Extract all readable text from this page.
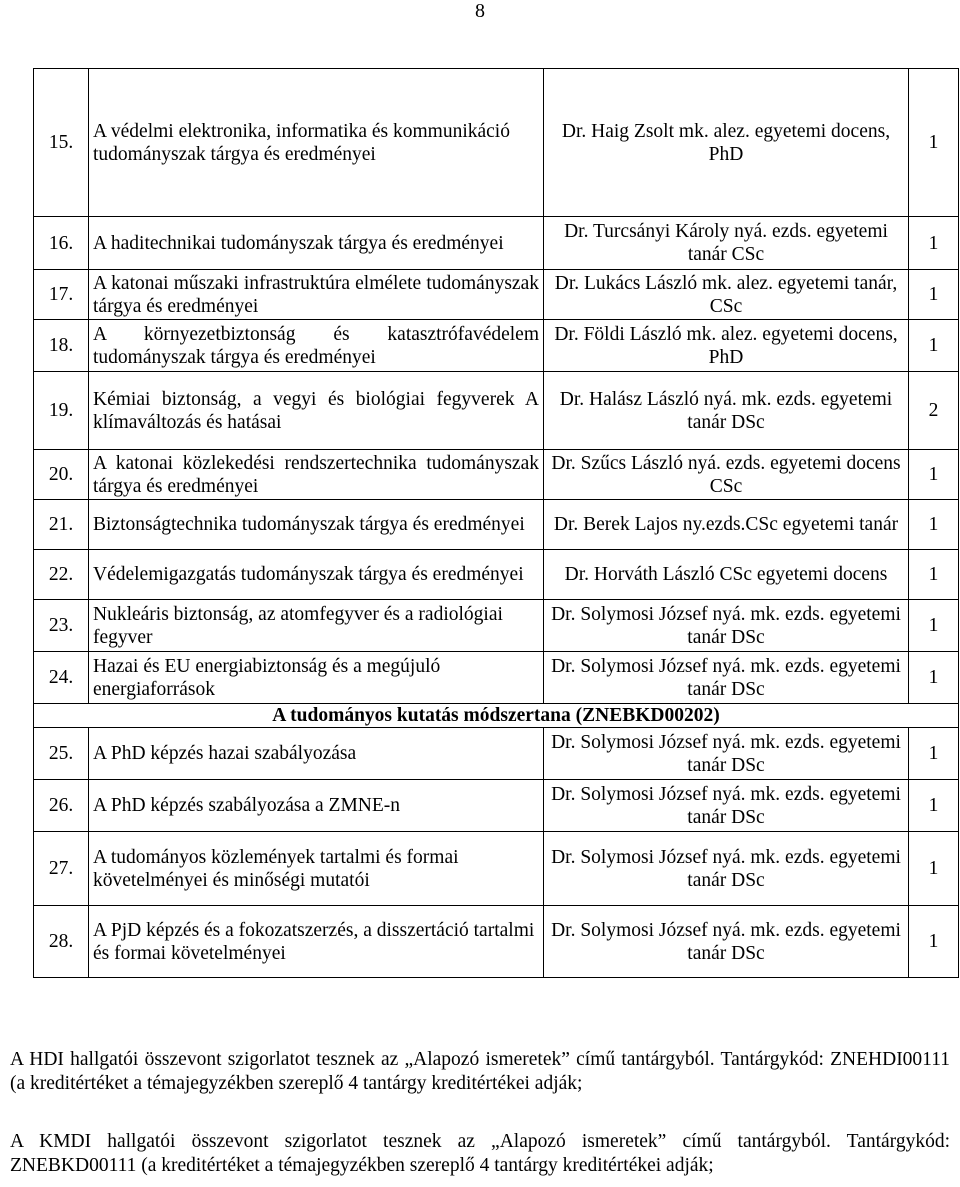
8
15.	A védelmi elektronika, informatika és kommunikáció tudományszak tárgya és eredményei	Dr. Haig Zsolt mk. alez. egyetemi docens, PhD	1
16.	A haditechnikai tudományszak tárgya és eredményei	Dr. Turcsányi Károly nyá. ezds. egyetemi tanár CSc	1
17.	A katonai műszaki infrastruktúra elmélete tudományszak tárgya és eredményei	Dr. Lukács László mk. alez. egyetemi tanár, CSc	1
18.	A környezetbiztonság és katasztrófavédelem tudományszak tárgya és eredményei	Dr. Földi László mk. alez. egyetemi docens, PhD	1
19.	Kémiai biztonság, a vegyi és biológiai fegyverek A klímaváltozás és hatásai	Dr. Halász László nyá. mk. ezds. egyetemi tanár DSc	2
20.	A katonai közlekedési rendszertechnika tudományszak tárgya és eredményei	Dr. Szűcs László nyá. ezds. egyetemi docens CSc	1
21.	Biztonságtechnika tudományszak tárgya és eredményei	Dr. Berek Lajos ny.ezds.CSc egyetemi tanár	1
22.	Védelemigazgatás tudományszak tárgya és eredményei	Dr. Horváth László CSc egyetemi docens	1
23.	Nukleáris biztonság, az atomfegyver és a radiológiai fegyver	Dr. Solymosi József nyá. mk. ezds. egyetemi tanár DSc	1
24.	Hazai és EU energiabiztonság és a megújuló energiaforrások	Dr. Solymosi József nyá. mk. ezds. egyetemi tanár DSc	1
A tudományos kutatás módszertana (ZNEBKD00202)			
25.	A PhD képzés hazai szabályozása	Dr. Solymosi József nyá. mk. ezds. egyetemi tanár DSc	1
26.	A PhD képzés szabályozása a ZMNE-n	Dr. Solymosi József nyá. mk. ezds. egyetemi tanár DSc	1
27.	A tudományos közlemények tartalmi és formai követelményei és minőségi mutatói	Dr. Solymosi József nyá. mk. ezds. egyetemi tanár DSc	1
28.	A PjD képzés és a fokozatszerzés, a disszertáció tartalmi és formai követelményei	Dr. Solymosi József nyá. mk. ezds. egyetemi tanár DSc	1

A HDI hallgatói összevont szigorlatot tesznek az „Alapozó ismeretek” című tantárgyból. Tantárgykód: ZNEHDI00111 (a kreditértéket a témajegyzékben szereplő 4 tantárgy kreditértékei adják;

A KMDI hallgatói összevont szigorlatot tesznek az „Alapozó ismeretek” című tantárgyból. Tantárgykód: ZNEBKD00111 (a kreditértéket a témajegyzékben szereplő 4 tantárgy kreditértékei adják;
